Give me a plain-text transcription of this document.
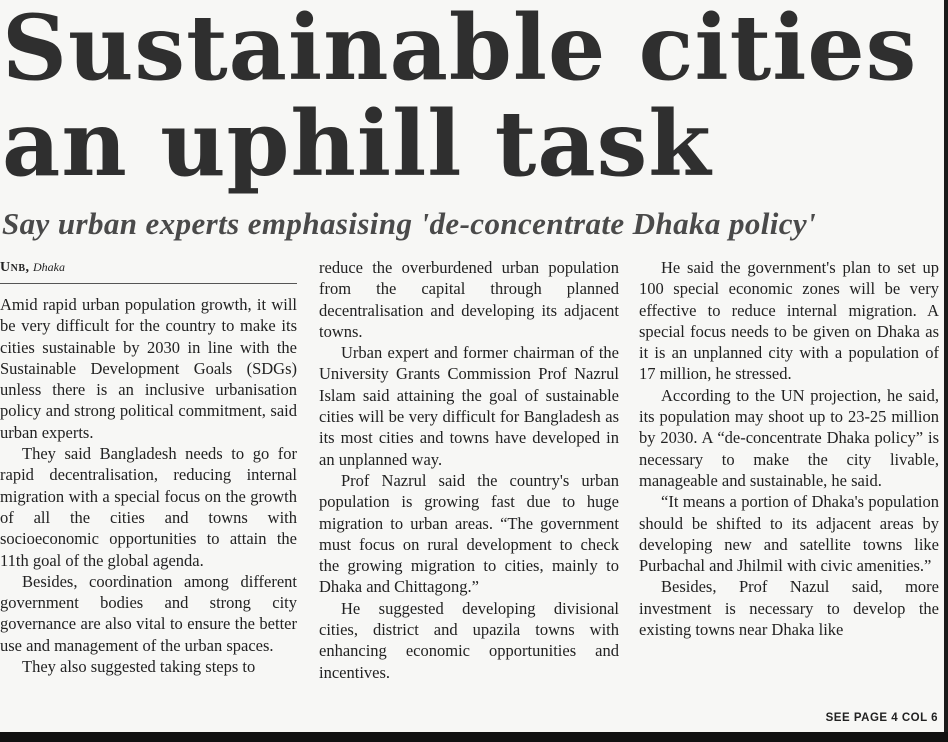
Sustainable cities an uphill task
Say urban experts emphasising 'de-concentrate Dhaka policy'
Unb, Dhaka

Amid rapid urban population growth, it will be very difficult for the country to make its cities sustainable by 2030 in line with the Sustainable Development Goals (SDGs) unless there is an inclusive urbanisation policy and strong political commitment, said urban experts.

They said Bangladesh needs to go for rapid decentralisation, reducing internal migration with a special focus on the growth of all the cities and towns with socioeconomic opportunities to attain the 11th goal of the global agenda.

Besides, coordination among different government bodies and strong city governance are also vital to ensure the better use and management of the urban spaces.

They also suggested taking steps to

reduce the overburdened urban population from the capital through planned decentralisation and developing its adjacent towns.

Urban expert and former chairman of the University Grants Commission Prof Nazrul Islam said attaining the goal of sustainable cities will be very difficult for Bangladesh as its most cities and towns have developed in an unplanned way.

Prof Nazrul said the country's urban population is growing fast due to huge migration to urban areas. “The government must focus on rural development to check the growing migration to cities, mainly to Dhaka and Chittagong.”

He suggested developing divisional cities, district and upazila towns with enhancing economic opportunities and incentives.

He said the government's plan to set up 100 special economic zones will be very effective to reduce internal migration. A special focus needs to be given on Dhaka as it is an unplanned city with a population of 17 million, he stressed.

According to the UN projection, he said, its population may shoot up to 23-25 million by 2030. A “de-concentrate Dhaka policy” is necessary to make the city livable, manageable and sustainable, he said.

“It means a portion of Dhaka's population should be shifted to its adjacent areas by developing new and satellite towns like Purbachal and Jhilmil with civic amenities.”

Besides, Prof Nazul said, more investment is necessary to develop the existing towns near Dhaka like

SEE PAGE 4 COL 6
